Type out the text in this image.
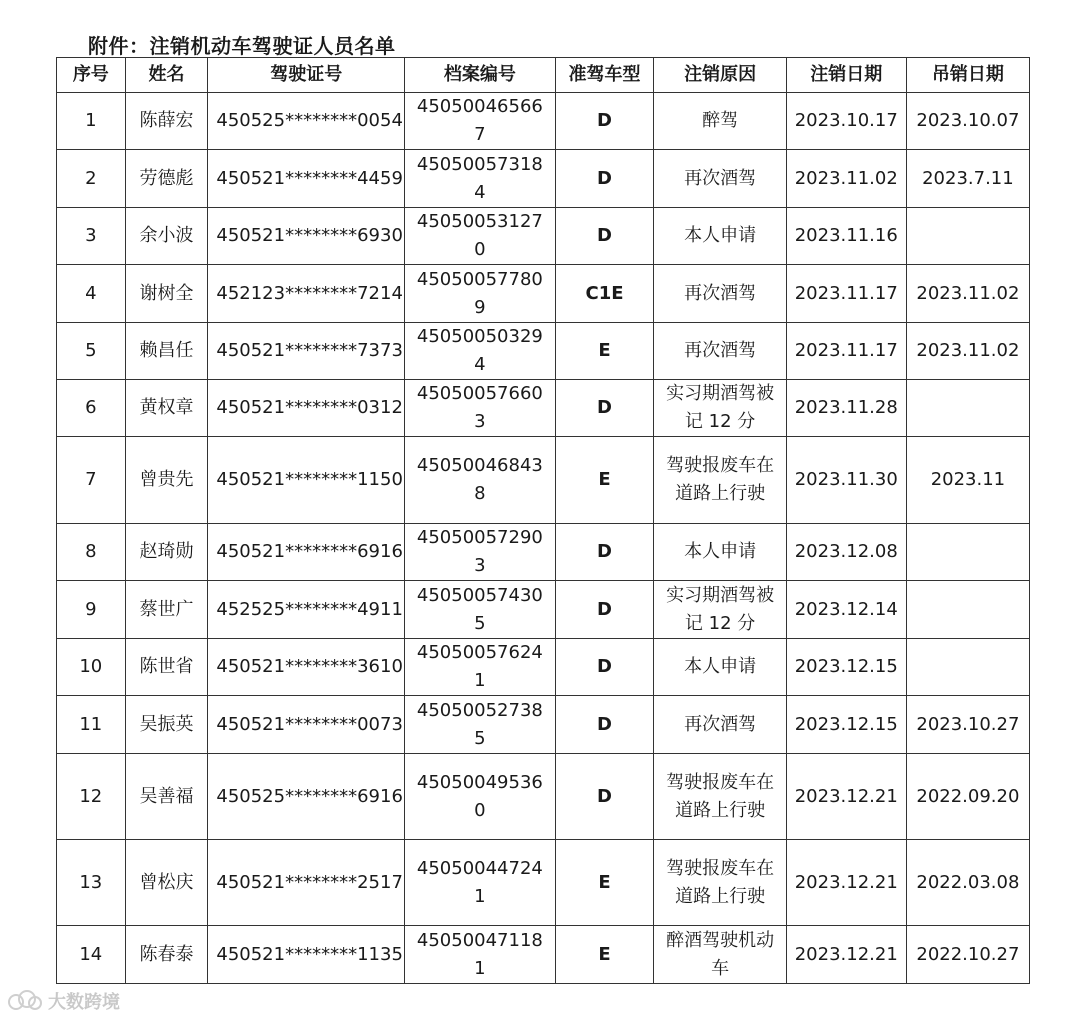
附件：注销机动车驾驶证人员名单
序号	姓名	驾驶证号	档案编号	准驾车型	注销原因	注销日期	吊销日期
1	陈薛宏	450525********0054	450500465667	D	醉驾	2023.10.17	2023.10.07
2	劳德彪	450521********4459	450500573184	D	再次酒驾	2023.11.02	2023.7.11
3	余小波	450521********6930	450500531270	D	本人申请	2023.11.16	
4	谢树全	452123********7214	450500577809	C1E	再次酒驾	2023.11.17	2023.11.02
5	赖昌任	450521********7373	450500503294	E	再次酒驾	2023.11.17	2023.11.02
6	黄权章	450521********0312	450500576603	D	实习期酒驾被记 12 分	2023.11.28	
7	曾贵先	450521********1150	450500468438	E	驾驶报废车在道路上行驶	2023.11.30	2023.11
8	赵琦勋	450521********6916	450500572903	D	本人申请	2023.12.08	
9	蔡世广	452525********4911	450500574305	D	实习期酒驾被记 12 分	2023.12.14	
10	陈世省	450521********3610	450500576241	D	本人申请	2023.12.15	
11	吴振英	450521********0073	450500527385	D	再次酒驾	2023.12.15	2023.10.27
12	吴善福	450525********6916	450500495360	D	驾驶报废车在道路上行驶	2023.12.21	2022.09.20
13	曾松庆	450521********2517	450500447241	E	驾驶报废车在道路上行驶	2023.12.21	2022.03.08
14	陈春泰	450521********1135	450500471181	E	醉酒驾驶机动车	2023.12.21	2022.10.27
大数跨境
